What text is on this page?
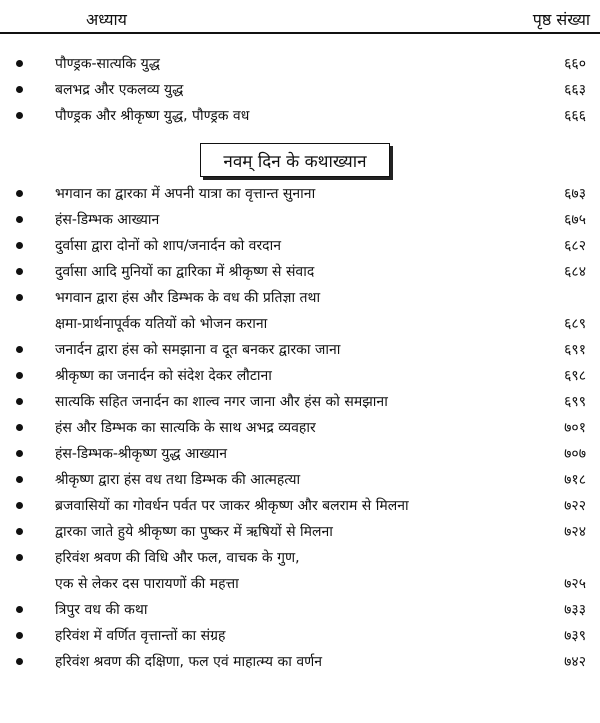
अध्याय	पृष्ठ संख्या
पौण्ड्रक-सात्यकि युद्ध	६६०
बलभद्र और एकलव्य युद्ध	६६३
पौण्ड्रक और श्रीकृष्ण युद्ध, पौण्ड्रक वध	६६६
नवम् दिन के कथाख्यान
भगवान का द्वारका में अपनी यात्रा का वृत्तान्त सुनाना	६७३
हंस-डिम्भक आख्यान	६७५
दुर्वासा द्वारा दोनों को शाप/जनार्दन को वरदान	६८२
दुर्वासा आदि मुनियों का द्वारिका में श्रीकृष्ण से संवाद	६८४
भगवान द्वारा हंस और डिम्भक के वध की प्रतिज्ञा तथा
क्षमा-प्रार्थनापूर्वक यतियों को भोजन कराना	६८९
जनार्दन द्वारा हंस को समझाना व दूत बनकर द्वारका जाना	६९१
श्रीकृष्ण का जनार्दन को संदेश देकर लौटाना	६९८
सात्यकि सहित जनार्दन का शाल्व नगर जाना और हंस को समझाना	६९९
हंस और डिम्भक का सात्यकि के साथ अभद्र व्यवहार	७०१
हंस-डिम्भक-श्रीकृष्ण युद्ध आख्यान	७०७
श्रीकृष्ण द्वारा हंस वध तथा डिम्भक की आत्महत्या	७१८
ब्रजवासियों का गोवर्धन पर्वत पर जाकर श्रीकृष्ण और बलराम से मिलना	७२२
द्वारका जाते हुये श्रीकृष्ण का पुष्कर में ऋषियों से मिलना	७२४
हरिवंश श्रवण की विधि और फल, वाचक के गुण,
एक से लेकर दस पारायणों की महत्ता	७२५
त्रिपुर वध की कथा	७३३
हरिवंश में वर्णित वृत्तान्तों का संग्रह	७३९
हरिवंश श्रवण की दक्षिणा, फल एवं माहात्म्य का वर्णन	७४२
